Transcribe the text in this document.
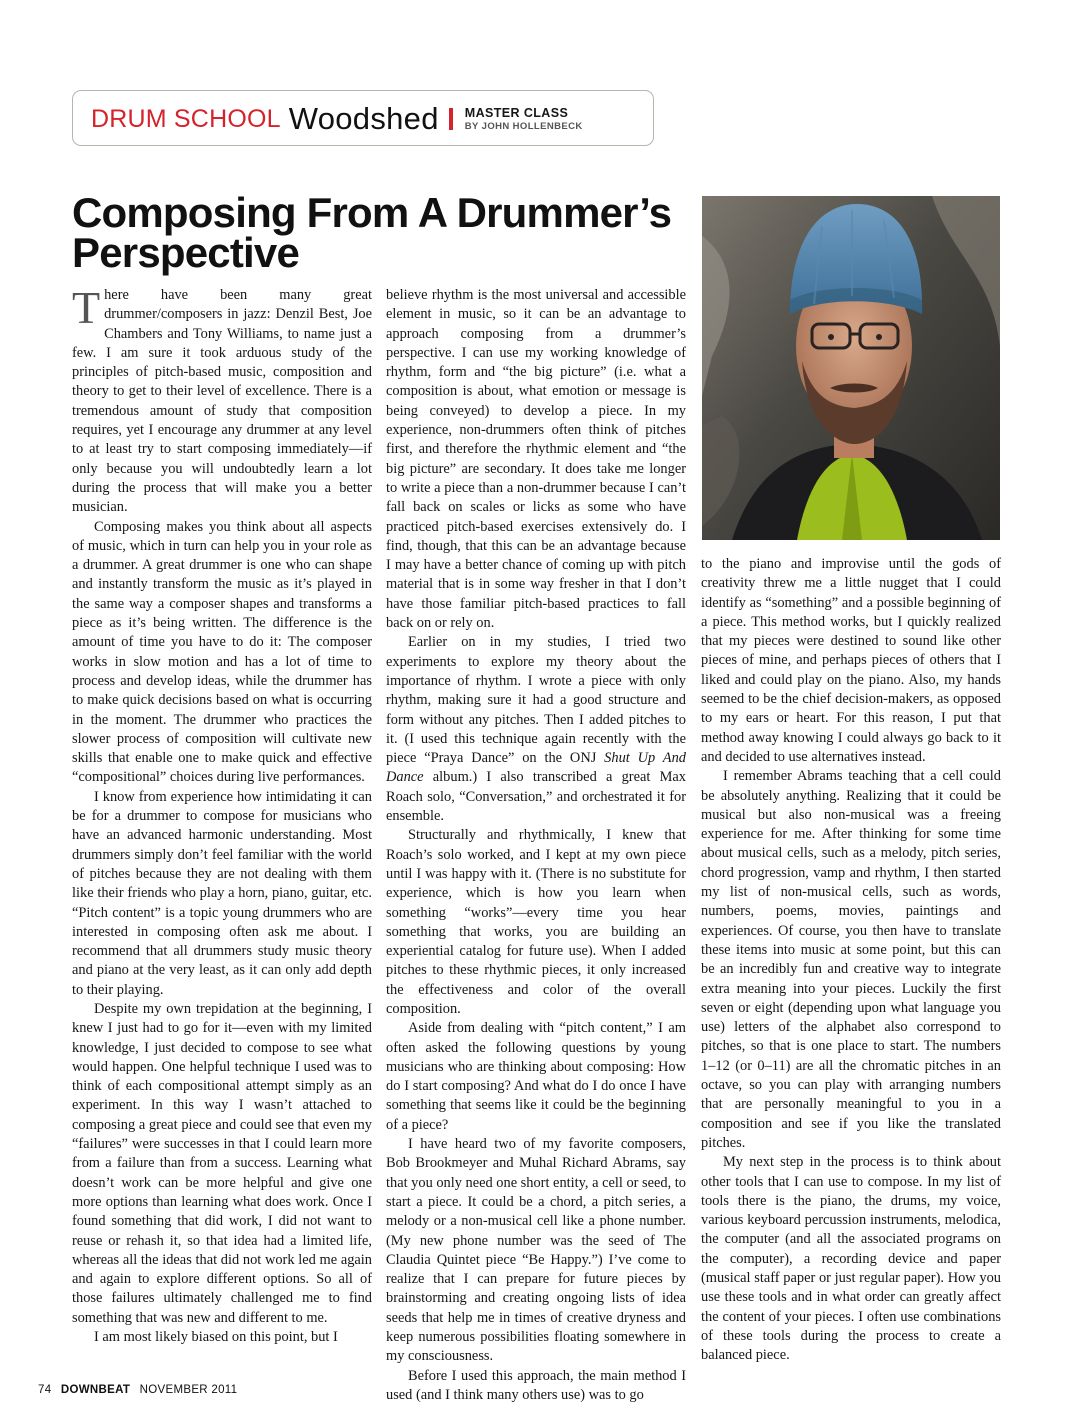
DRUM SCHOOL Woodshed MASTER CLASS
BY JOHN HOLLENBECK
Composing From A Drummer’s Perspective

There have been many great drummer/composers in jazz: Denzil Best, Joe Chambers and Tony Williams, to name just a few. I am sure it took arduous study of the principles of pitch-based music, composition and theory to get to their level of excellence. There is a tremendous amount of study that composition requires, yet I encourage any drummer at any level to at least try to start composing immediately—if only because you will undoubtedly learn a lot during the process that will make you a better musician.

Composing makes you think about all aspects of music, which in turn can help you in your role as a drummer. A great drummer is one who can shape and instantly transform the music as it’s played in the same way a composer shapes and transforms a piece as it’s being written. The difference is the amount of time you have to do it: The composer works in slow motion and has a lot of time to process and develop ideas, while the drummer has to make quick decisions based on what is occurring in the moment. The drummer who practices the slower process of composition will cultivate new skills that enable one to make quick and effective “compositional” choices during live performances.

I know from experience how intimidating it can be for a drummer to compose for musicians who have an advanced harmonic understanding. Most drummers simply don’t feel familiar with the world of pitches because they are not dealing with them like their friends who play a horn, piano, guitar, etc. “Pitch content” is a topic young drummers who are interested in composing often ask me about. I recommend that all drummers study music theory and piano at the very least, as it can only add depth to their playing.

Despite my own trepidation at the beginning, I knew I just had to go for it—even with my limited knowledge, I just decided to compose to see what would happen. One helpful technique I used was to think of each compositional attempt simply as an experiment. In this way I wasn’t attached to composing a great piece and could see that even my “failures” were successes in that I could learn more from a failure than from a success. Learning what doesn’t work can be more helpful and give one more options than learning what does work. Once I found something that did work, I did not want to reuse or rehash it, so that idea had a limited life, whereas all the ideas that did not work led me again and again to explore different options. So all of those failures ultimately challenged me to find something that was new and different to me.

I am most likely biased on this point, but I

believe rhythm is the most universal and accessible element in music, so it can be an advantage to approach composing from a drummer’s perspective. I can use my working knowledge of rhythm, form and “the big picture” (i.e. what a composition is about, what emotion or message is being conveyed) to develop a piece. In my experience, non-drummers often think of pitches first, and therefore the rhythmic element and “the big picture” are secondary. It does take me longer to write a piece than a non-drummer because I can’t fall back on scales or licks as some who have practiced pitch-based exercises extensively do. I find, though, that this can be an advantage because I may have a better chance of coming up with pitch material that is in some way fresher in that I don’t have those familiar pitch-based practices to fall back on or rely on.

Earlier on in my studies, I tried two experiments to explore my theory about the importance of rhythm. I wrote a piece with only rhythm, making sure it had a good structure and form without any pitches. Then I added pitches to it. (I used this technique again recently with the piece “Praya Dance” on the ONJ Shut Up And Dance album.) I also transcribed a great Max Roach solo, “Conversation,” and orchestrated it for ensemble.

Structurally and rhythmically, I knew that Roach’s solo worked, and I kept at my own piece until I was happy with it. (There is no substitute for experience, which is how you learn when something “works”—every time you hear something that works, you are building an experiential catalog for future use). When I added pitches to these rhythmic pieces, it only increased the effectiveness and color of the overall composition.

Aside from dealing with “pitch content,” I am often asked the following questions by young musicians who are thinking about composing: How do I start composing? And what do I do once I have something that seems like it could be the beginning of a piece?

I have heard two of my favorite composers, Bob Brookmeyer and Muhal Richard Abrams, say that you only need one short entity, a cell or seed, to start a piece. It could be a chord, a pitch series, a melody or a non-musical cell like a phone number. (My new phone number was the seed of The Claudia Quintet piece “Be Happy.”) I’ve come to realize that I can prepare for future pieces by brainstorming and creating ongoing lists of idea seeds that help me in times of creative dryness and keep numerous possibilities floating somewhere in my consciousness.

Before I used this approach, the main method I used (and I think many others use) was to go

to the piano and improvise until the gods of creativity threw me a little nugget that I could identify as “something” and a possible beginning of a piece. This method works, but I quickly realized that my pieces were destined to sound like other pieces of mine, and perhaps pieces of others that I liked and could play on the piano. Also, my hands seemed to be the chief decision-makers, as opposed to my ears or heart. For this reason, I put that method away knowing I could always go back to it and decided to use alternatives instead.

I remember Abrams teaching that a cell could be absolutely anything. Realizing that it could be musical but also non-musical was a freeing experience for me. After thinking for some time about musical cells, such as a melody, pitch series, chord progression, vamp and rhythm, I then started my list of non-musical cells, such as words, numbers, poems, movies, paintings and experiences. Of course, you then have to translate these items into music at some point, but this can be an incredibly fun and creative way to integrate extra meaning into your pieces. Luckily the first seven or eight (depending upon what language you use) letters of the alphabet also correspond to pitches, so that is one place to start. The numbers 1–12 (or 0–11) are all the chromatic pitches in an octave, so you can play with arranging numbers that are personally meaningful to you in a composition and see if you like the translated pitches.

My next step in the process is to think about other tools that I can use to compose. In my list of tools there is the piano, the drums, my voice, various keyboard percussion instruments, melodica, the computer (and all the associated programs on the computer), a recording device and paper (musical staff paper or just regular paper). How you use these tools and in what order can greatly affect the content of your pieces. I often use combinations of these tools during the process to create a balanced piece.

74 DOWNBEAT NOVEMBER 2011
